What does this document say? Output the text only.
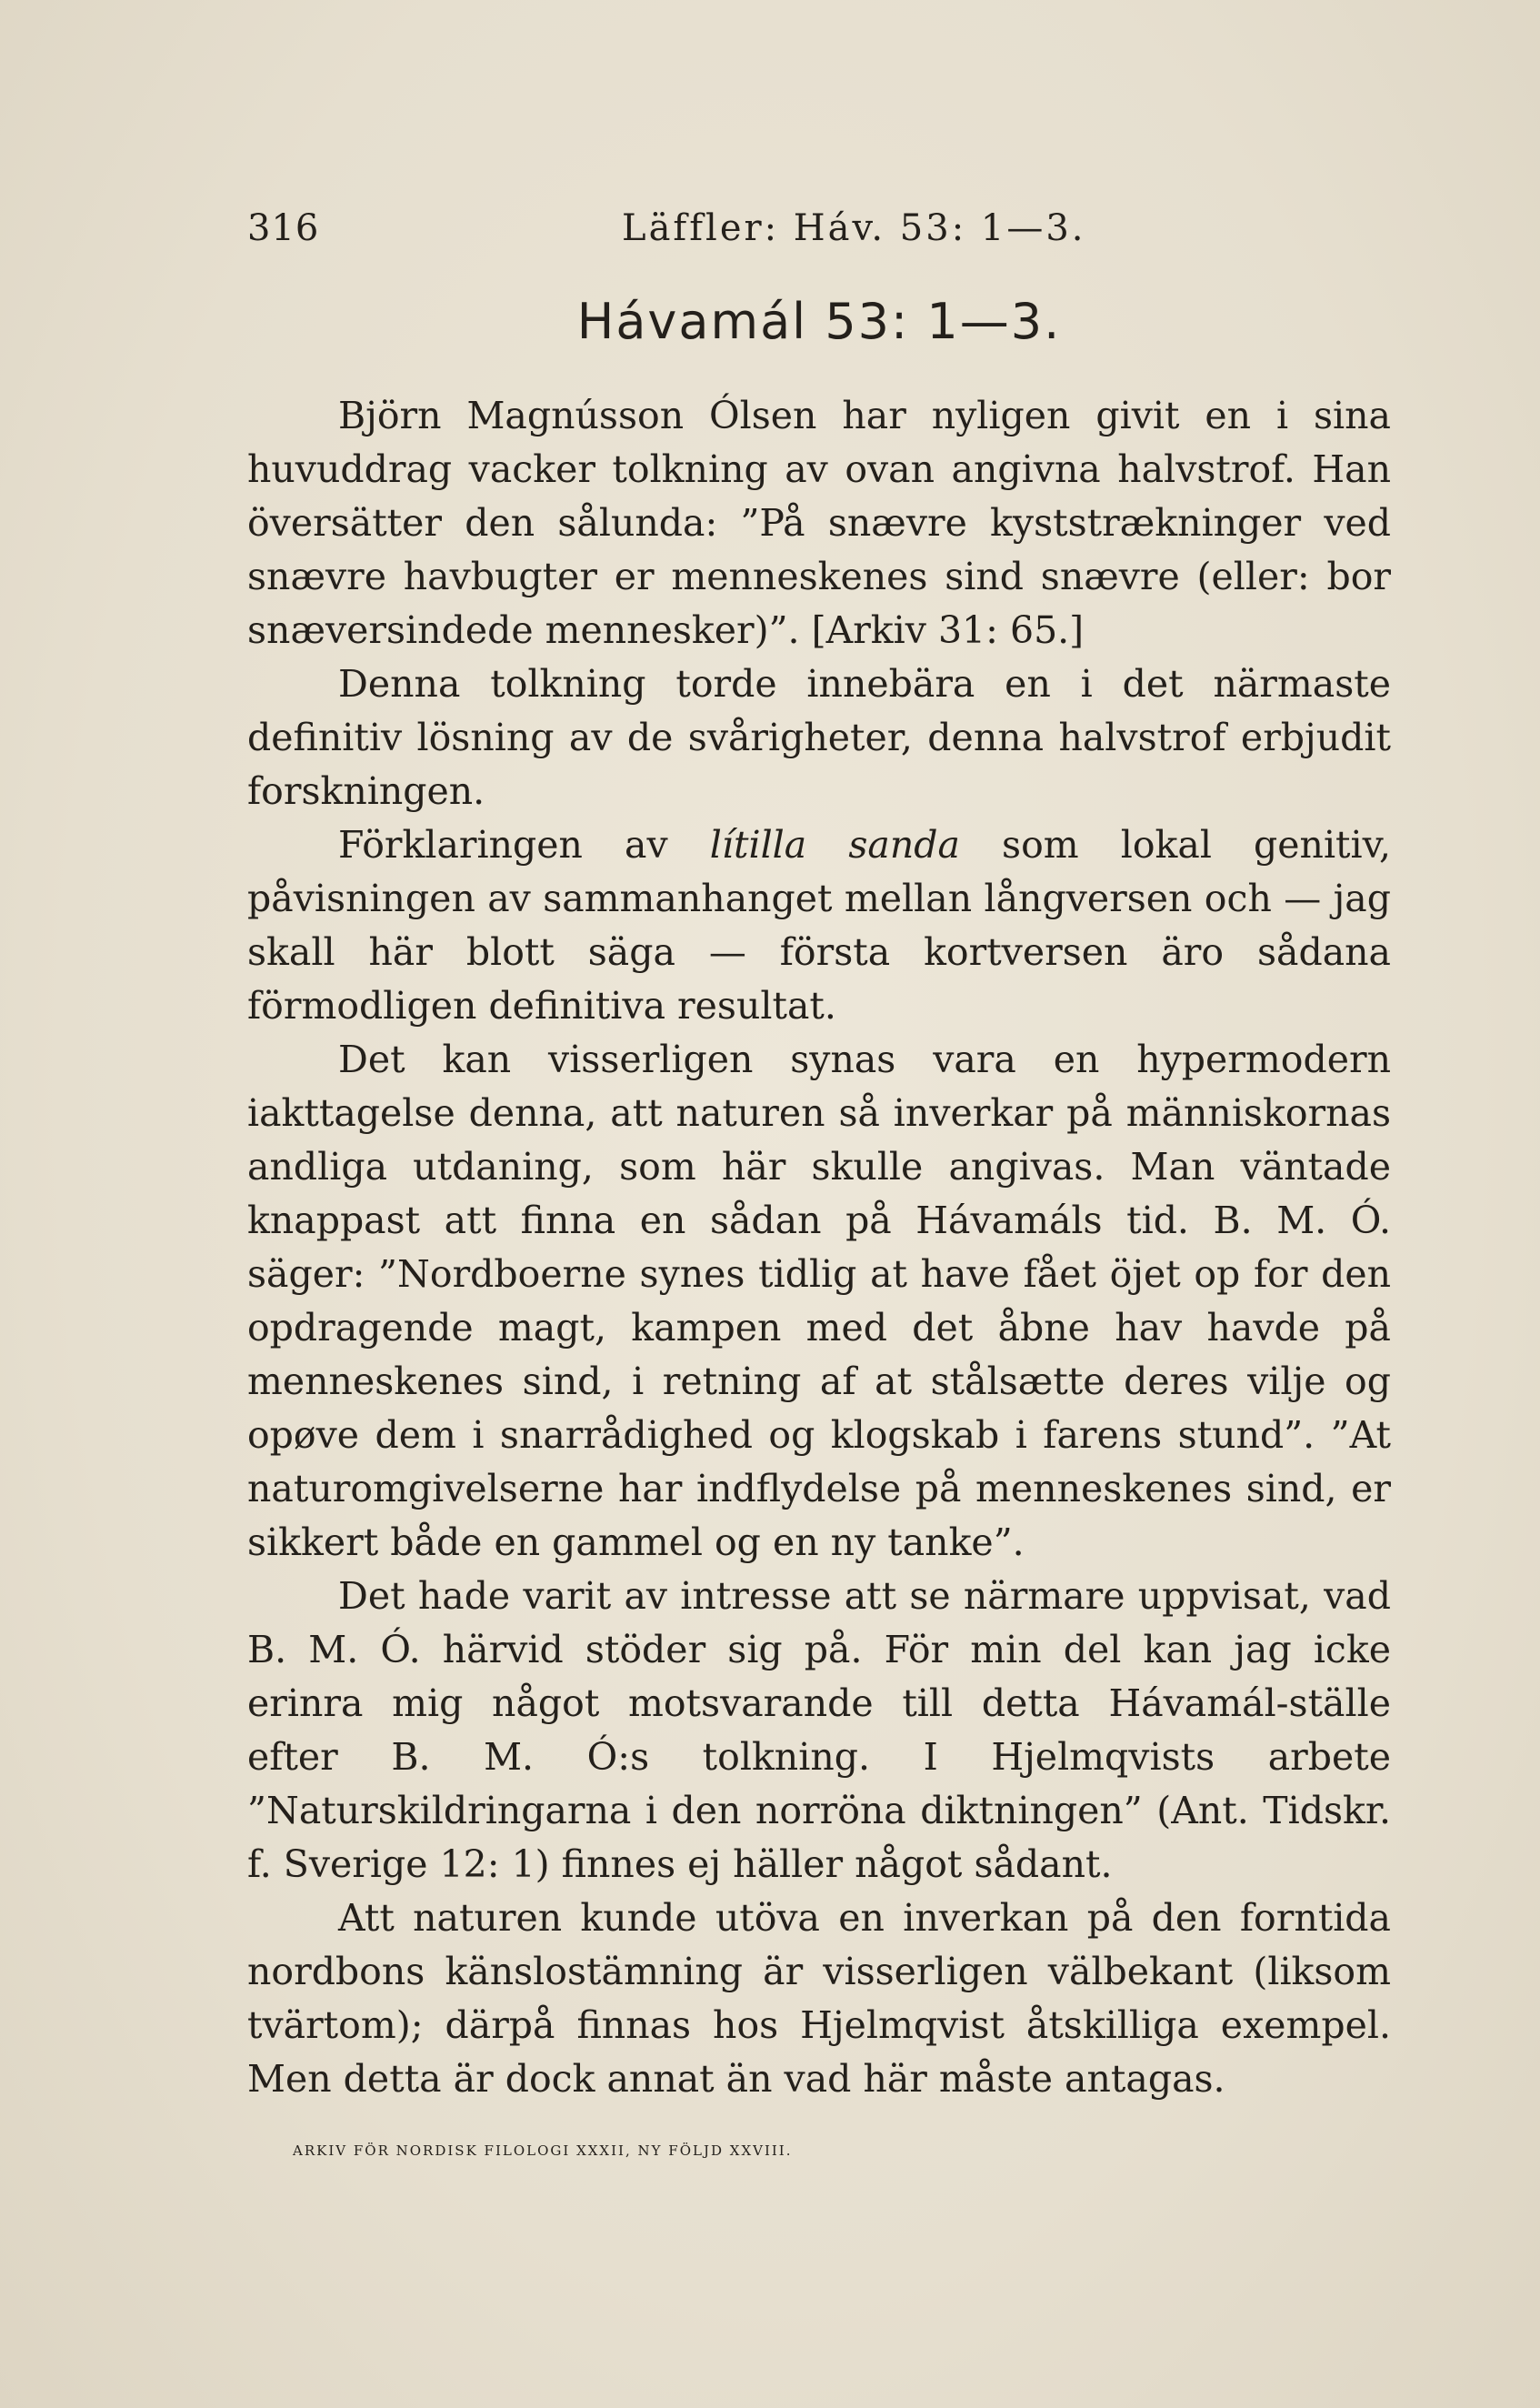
316	Läffler: Háv. 53: 1—3.
Hávamál 53: 1—3.

Björn Magnússon Ólsen har nyligen givit en i sina huvuddrag vacker tolkning av ovan angivna halvstrof. Han översätter den sålunda: ”På snævre kyststrækninger ved snævre havbugter er menneskenes sind snævre (eller: bor snæversindede mennesker)”. [Arkiv 31: 65.]

Denna tolkning torde innebära en i det närmaste definitiv lösning av de svårigheter, denna halvstrof erbjudit forskningen.

Förklaringen av lítilla sanda som lokal genitiv, påvisningen av sammanhanget mellan långversen och — jag skall här blott säga — första kortversen äro sådana förmodligen definitiva resultat.

Det kan visserligen synas vara en hypermodern iakttagelse denna, att naturen så inverkar på människornas andliga utdaning, som här skulle angivas. Man väntade knappast att finna en sådan på Hávamáls tid. B. M. Ó. säger: ”Nordboerne synes tidlig at have fået öjet op for den opdragende magt, kampen med det åbne hav havde på menneskenes sind, i retning af at stålsætte deres vilje og opøve dem i snarrådighed og klogskab i farens stund”. ”At naturomgivelserne har indflydelse på menneskenes sind, er sikkert både en gammel og en ny tanke”.

Det hade varit av intresse att se närmare uppvisat, vad B. M. Ó. härvid stöder sig på. För min del kan jag icke erinra mig något motsvarande till detta Hávamál-ställe efter B. M. Ó:s tolkning. I Hjelmqvists arbete ”Naturskildringarna i den norröna diktningen” (Ant. Tidskr. f. Sverige 12: 1) finnes ej häller något sådant.

Att naturen kunde utöva en inverkan på den forntida nordbons känslostämning är visserligen välbekant (liksom tvärtom); därpå finnas hos Hjelmqvist åtskilliga exempel. Men detta är dock annat än vad här måste antagas.

ARKIV FÖR NORDISK FILOLOGI XXXII, NY FÖLJD XXVIII.
